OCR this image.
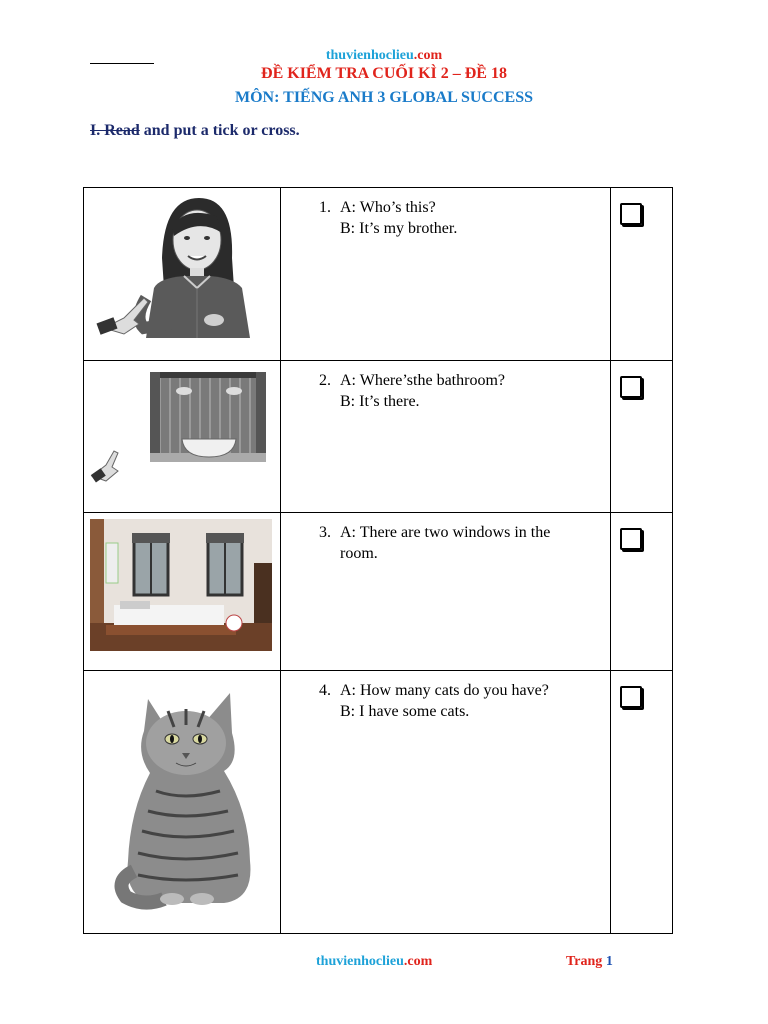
thuvienhoclieu.com
ĐỀ KIỂM TRA CUỐI KÌ 2 – ĐỀ 18
MÔN: TIẾNG ANH 3 GLOBAL SUCCESS
I. Read and put a tick or cross.

1. A: Who’s this?
B: It’s my brother.	

2. A: Where’sthe bathroom?
B: It’s there.	

3. A: There are two windows in the
room.	

4. A: How many cats do you have?
B: I have some cats.	

thuvienhoclieu.com	Trang 1
